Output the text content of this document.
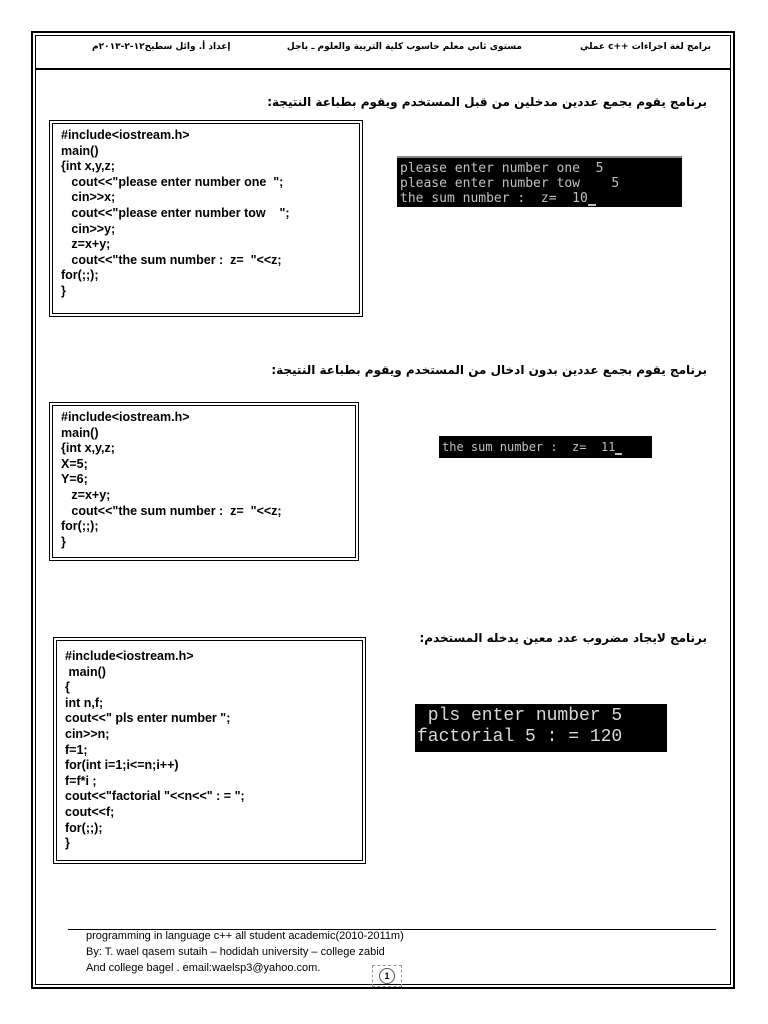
برامج لغة اجراءات ++c عملي
مستوى ثاني معلم حاسوب كلية التربية والعلوم ـ باجل
إعداد أ. وائل سطيح١٢-٢-٢٠١٣م
برنامج يقوم بجمع عددين مدخلين من قبل المستخدم ويقوم بطباعة النتيجة:

#include<iostream.h>

main()

{int x,y,z;

cout<<"please enter number one  ";

cin>>x;

cout<<"please enter number tow    ";

cin>>y;

z=x+y;

cout<<"the sum number :  z=  "<<z;

for(;;);

}

please enter number one  5

please enter number tow    5

the sum number :  z=  10

برنامج يقوم بجمع عددين بدون ادخال من المستخدم ويقوم بطباعة النتيجة:

#include<iostream.h>

main()

{int x,y,z;

X=5;

Y=6;

z=x+y;

cout<<"the sum number :  z=  "<<z;

for(;;);

}

the sum number :  z=  11

برنامج لايجاد مضروب عدد معين يدخله المستخدم:

#include<iostream.h>

main()

{

int n,f;

cout<<" pls enter number ";

cin>>n;

f=1;

for(int i=1;i<=n;i++)

f=f*i ;

cout<<"factorial "<<n<<" : = ";

cout<<f;

for(;;);

}

pls enter number 5

factorial 5 : = 120

programming in language c++ all student academic(2010-2011m)
By: T. wael qasem sutaih – hodidah university – college zabid
And college bagel . email:waelsp3@yahoo.com.
1
